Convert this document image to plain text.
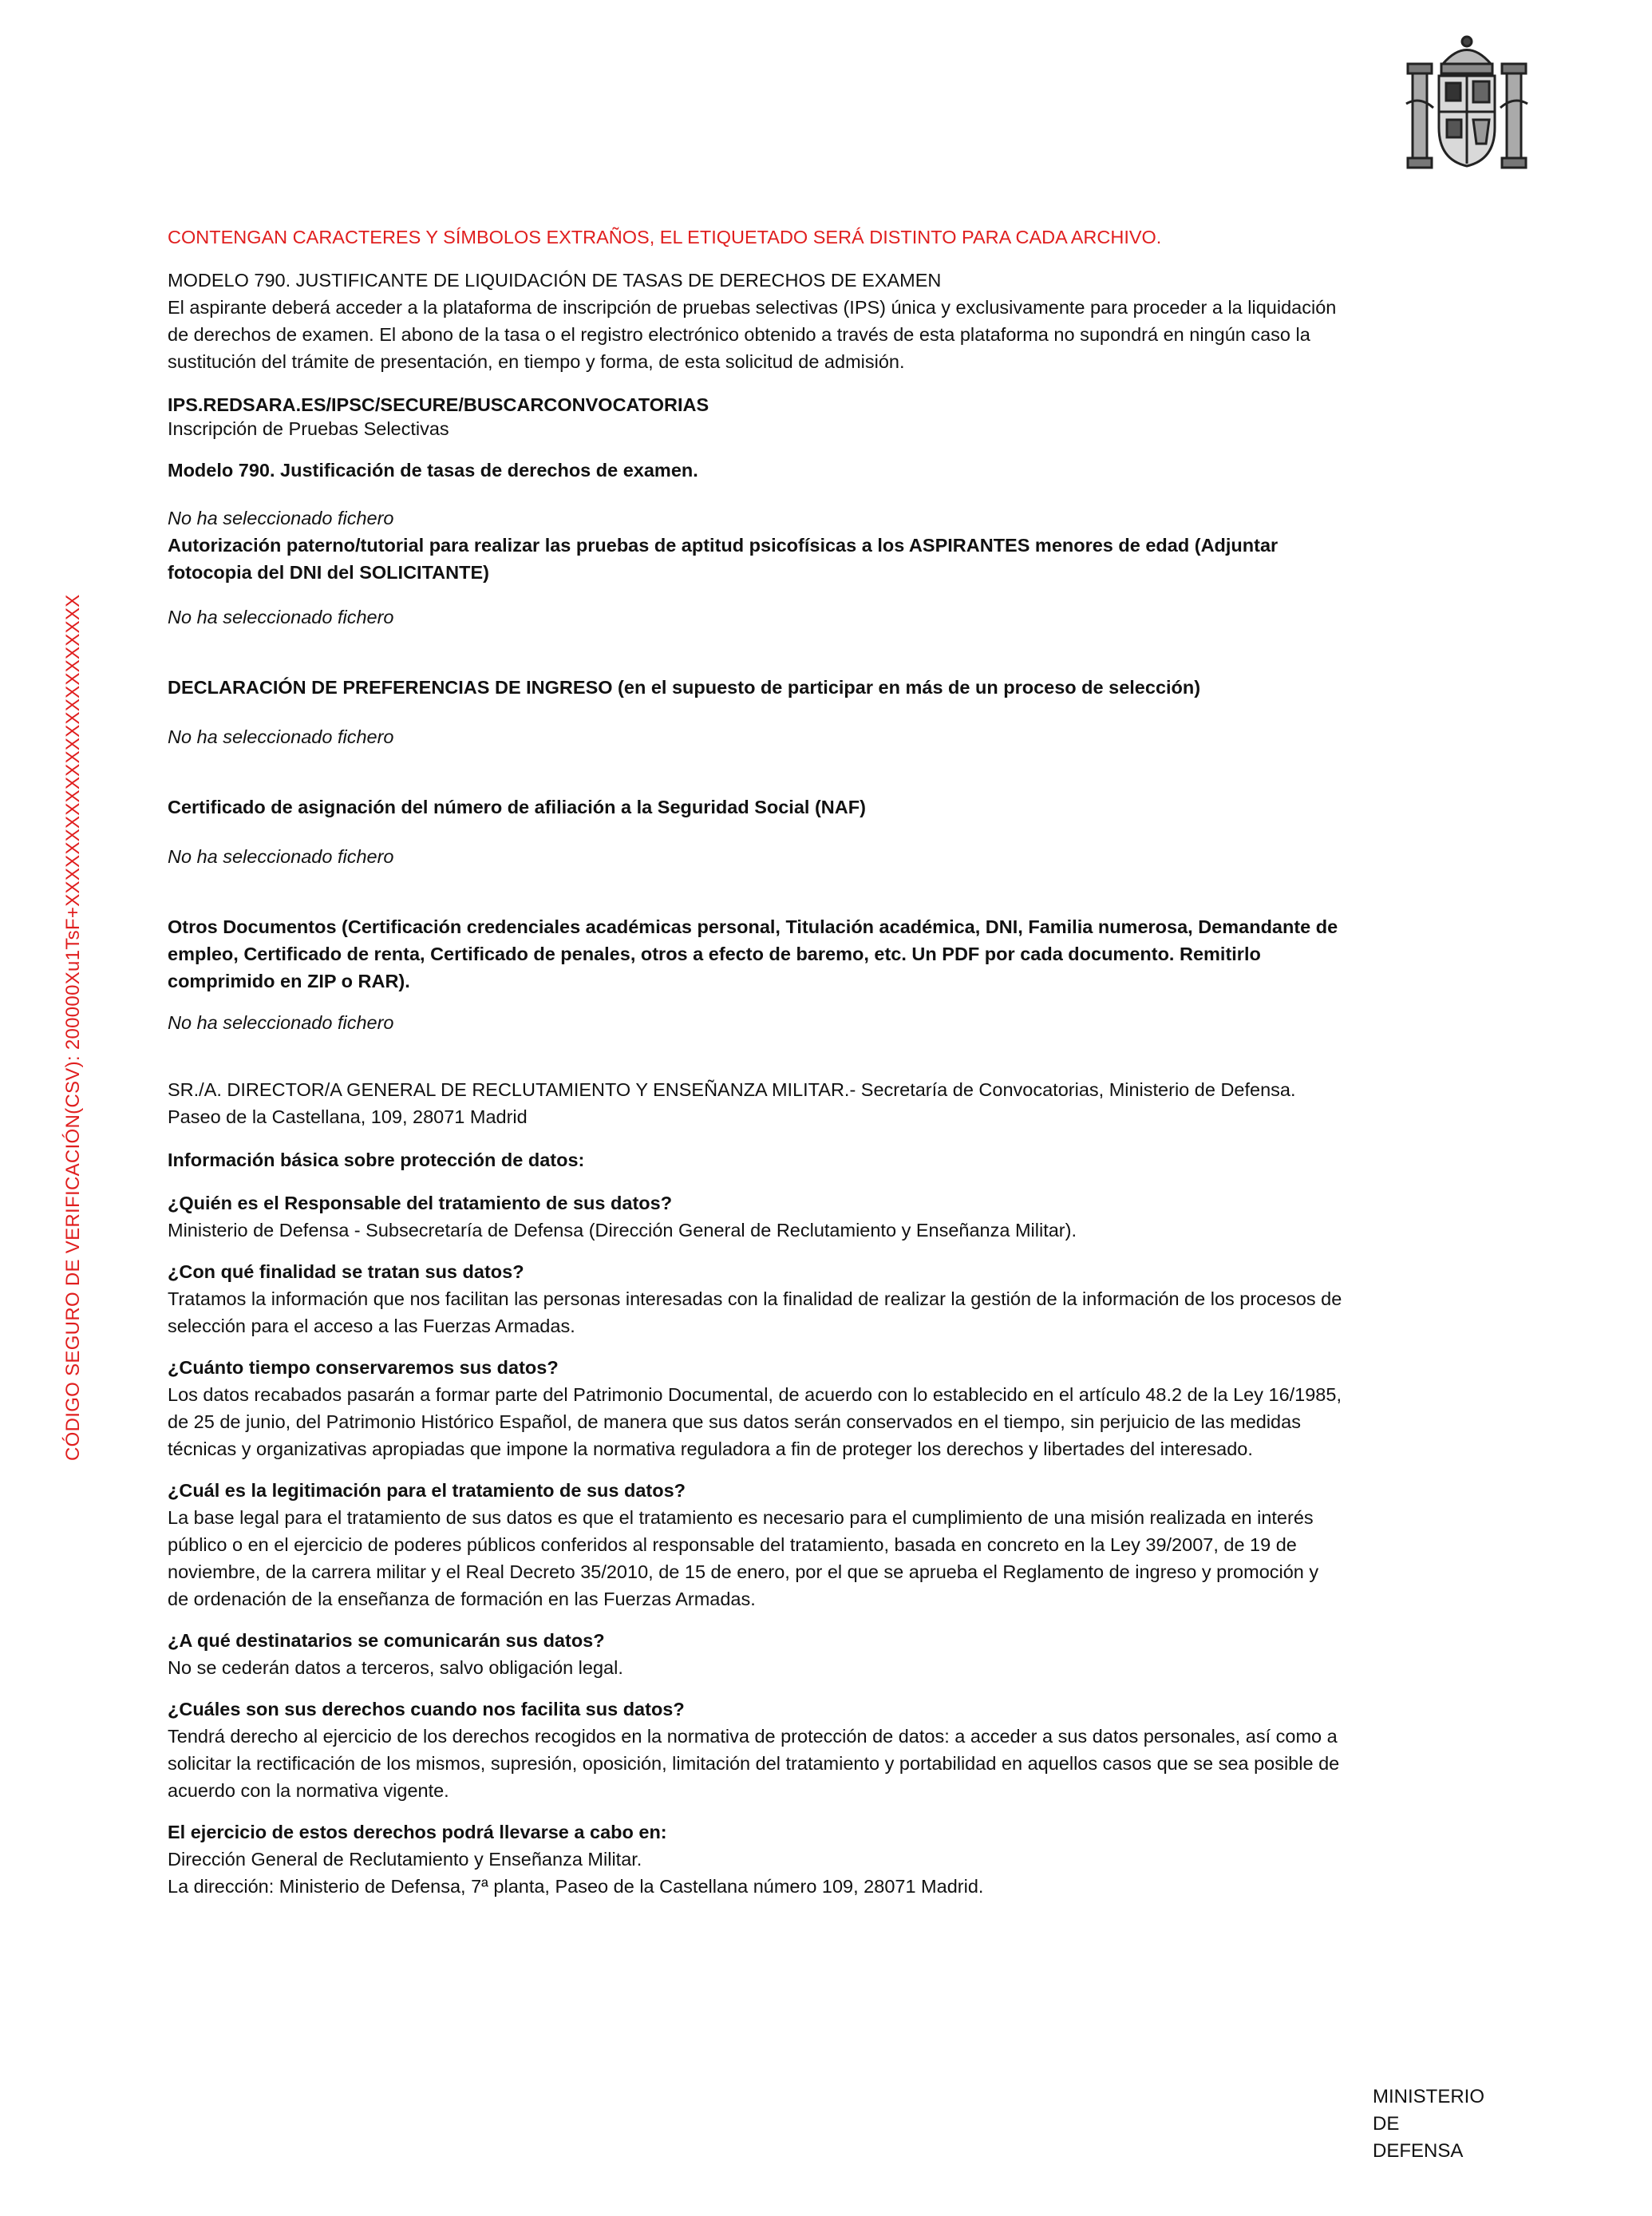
CÓDIGO SEGURO DE VERIFICACIÓN(CSV): 200000Xu1TsF+XXXXXXXXXXXXXXXXXXXXXXXX

CONTENGAN CARACTERES Y SÍMBOLOS EXTRAÑOS, EL ETIQUETADO SERÁ DISTINTO PARA CADA ARCHIVO.

MODELO 790. JUSTIFICANTE DE LIQUIDACIÓN DE TASAS DE DERECHOS DE EXAMEN

El aspirante deberá acceder a la plataforma de inscripción de pruebas selectivas (IPS) única y exclusivamente para proceder a la liquidación

de derechos de examen. El abono de la tasa o el registro electrónico obtenido a través de esta plataforma no supondrá en ningún caso la

sustitución del trámite de presentación, en tiempo y forma, de esta solicitud de admisión.

IPS.REDSARA.ES/IPSC/SECURE/BUSCARCONVOCATORIAS

Inscripción de Pruebas Selectivas

Modelo 790. Justificación de tasas de derechos de examen.

No ha seleccionado fichero

Autorización paterno/tutorial para realizar las pruebas de aptitud psicofísicas a los ASPIRANTES menores de edad (Adjuntar

fotocopia del DNI del SOLICITANTE)

No ha seleccionado fichero

DECLARACIÓN DE PREFERENCIAS DE INGRESO (en el supuesto de participar en más de un proceso de selección)

No ha seleccionado fichero

Certificado de asignación del número de afiliación a la Seguridad Social (NAF)

No ha seleccionado fichero

Otros Documentos (Certificación credenciales académicas personal, Titulación académica, DNI, Familia numerosa, Demandante de

empleo, Certificado de renta, Certificado de penales, otros a efecto de baremo, etc. Un PDF por cada documento. Remitirlo

comprimido en ZIP o RAR).

No ha seleccionado fichero

SR./A. DIRECTOR/A GENERAL DE RECLUTAMIENTO Y ENSEÑANZA MILITAR.- Secretaría de Convocatorias, Ministerio de Defensa.

Paseo de la Castellana, 109, 28071 Madrid

Información básica sobre protección de datos:

¿Quién es el Responsable del tratamiento de sus datos?

Ministerio de Defensa - Subsecretaría de Defensa (Dirección General de Reclutamiento y Enseñanza Militar).

¿Con qué finalidad se tratan sus datos?

Tratamos la información que nos facilitan las personas interesadas con la finalidad de realizar la gestión de la información de los procesos de

selección para el acceso a las Fuerzas Armadas.

¿Cuánto tiempo conservaremos sus datos?

Los datos recabados pasarán a formar parte del Patrimonio Documental, de acuerdo con lo establecido en el artículo 48.2 de la Ley 16/1985,

de 25 de junio, del Patrimonio Histórico Español, de manera que sus datos serán conservados en el tiempo, sin perjuicio de las medidas

técnicas y organizativas apropiadas que impone la normativa reguladora a fin de proteger los derechos y libertades del interesado.

¿Cuál es la legitimación para el tratamiento de sus datos?

La base legal para el tratamiento de sus datos es que el tratamiento es necesario para el cumplimiento de una misión realizada en interés

público o en el ejercicio de poderes públicos conferidos al responsable del tratamiento, basada en concreto en la Ley 39/2007, de 19 de

noviembre, de la carrera militar y el Real Decreto 35/2010, de 15 de enero, por el que se aprueba el Reglamento de ingreso y promoción y

de ordenación de la enseñanza de formación en las Fuerzas Armadas.

¿A qué destinatarios se comunicarán sus datos?

No se cederán datos a terceros, salvo obligación legal.

¿Cuáles son sus derechos cuando nos facilita sus datos?

Tendrá derecho al ejercicio de los derechos recogidos en la normativa de protección de datos: a acceder a sus datos personales, así como a

solicitar la rectificación de los mismos, supresión, oposición, limitación del tratamiento y portabilidad en aquellos casos que se sea posible de

acuerdo con la normativa vigente.

El ejercicio de estos derechos podrá llevarse a cabo en:

Dirección General de Reclutamiento y Enseñanza Militar.

La dirección: Ministerio de Defensa, 7ª planta, Paseo de la Castellana número 109, 28071 Madrid.

MINISTERIO
DE
DEFENSA
